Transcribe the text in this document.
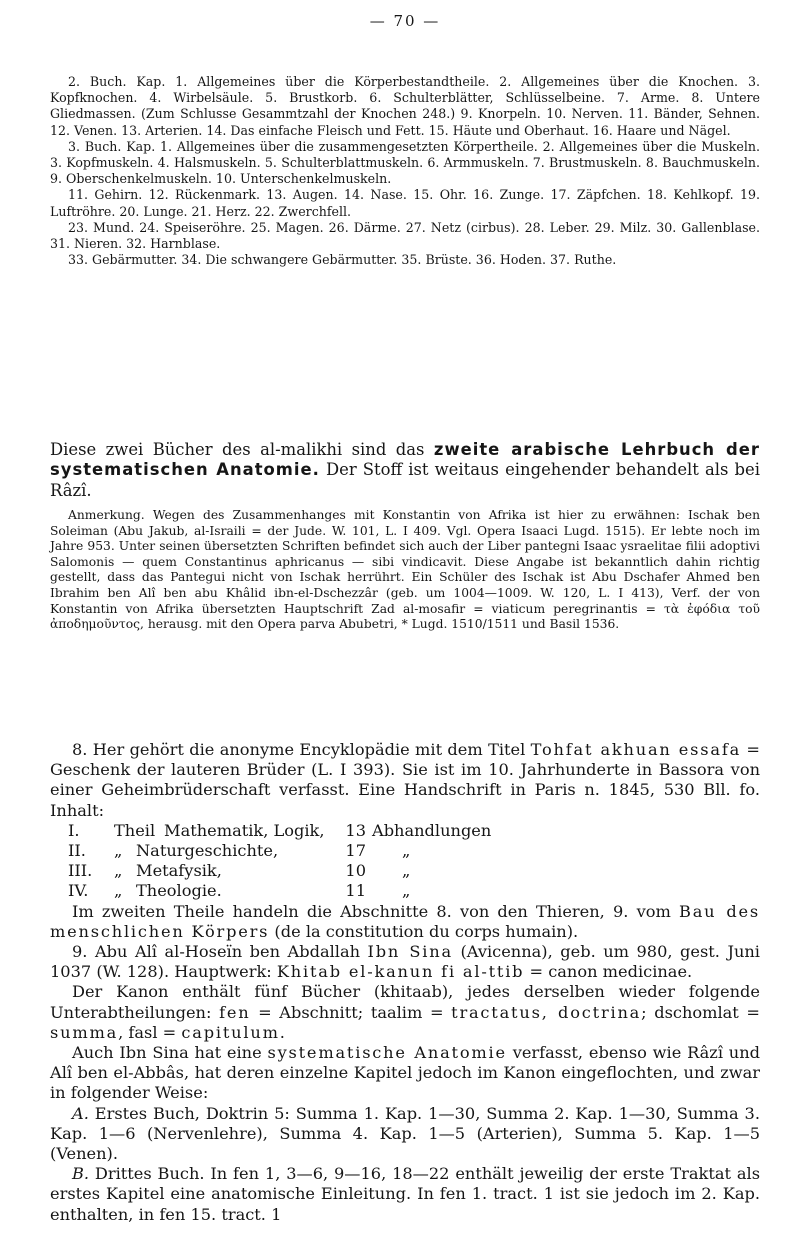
— 70 —

2. Buch. Kap. 1. Allgemeines über die Körperbestandtheile. 2. Allgemeines über die Knochen. 3. Kopfknochen. 4. Wirbelsäule. 5. Brustkorb. 6. Schulterblätter, Schlüsselbeine. 7. Arme. 8. Untere Gliedmassen. (Zum Schlusse Gesammtzahl der Knochen 248.) 9. Knorpeln. 10. Nerven. 11. Bänder, Sehnen. 12. Venen. 13. Arterien. 14. Das einfache Fleisch und Fett. 15. Häute und Oberhaut. 16. Haare und Nägel.

3. Buch. Kap. 1. Allgemeines über die zusammengesetzten Körpertheile. 2. Allgemeines über die Muskeln. 3. Kopfmuskeln. 4. Halsmuskeln. 5. Schulterblattmuskeln. 6. Armmuskeln. 7. Brustmuskeln. 8. Bauchmuskeln. 9. Oberschenkelmuskeln. 10. Unterschenkelmuskeln.

11. Gehirn. 12. Rückenmark. 13. Augen. 14. Nase. 15. Ohr. 16. Zunge. 17. Zäpfchen. 18. Kehlkopf. 19. Luftröhre. 20. Lunge. 21. Herz. 22. Zwerchfell.

23. Mund. 24. Speiseröhre. 25. Magen. 26. Därme. 27. Netz (cirbus). 28. Leber. 29. Milz. 30. Gallenblase. 31. Nieren. 32. Harnblase.

33. Gebärmutter. 34. Die schwangere Gebärmutter. 35. Brüste. 36. Hoden. 37. Ruthe.

Diese zwei Bücher des al-malikhi sind das zweite arabische Lehrbuch der systematischen Anatomie. Der Stoff ist weitaus eingehender behandelt als bei Râzî.

Anmerkung. Wegen des Zusammenhanges mit Konstantin von Afrika ist hier zu erwähnen: Ischak ben Soleiman (Abu Jakub, al-Israili = der Jude. W. 101, L. I 409. Vgl. Opera Isaaci Lugd. 1515). Er lebte noch im Jahre 953. Unter seinen übersetzten Schriften befindet sich auch der Liber pantegni Isaac ysraelitae filii adoptivi Salomonis — quem Constantinus aphricanus — sibi vindicavit. Diese Angabe ist bekanntlich dahin richtig gestellt, dass das Pantegui nicht von Ischak herrührt. Ein Schüler des Ischak ist Abu Dschafer Ahmed ben Ibrahim ben Alî ben abu Khâlid ibn-el-Dschezzâr (geb. um 1004—1009. W. 120, L. I 413), Verf. der von Konstantin von Afrika übersetzten Hauptschrift Zad al-mosafir = viaticum peregrinantis = τὰ ἐφόδια τοῦ ἀποδημοῦντος, herausg. mit den Opera parva Abubetri, * Lugd. 1510/1511 und Basil 1536.

8. Her gehört die anonyme Encyklopädie mit dem Titel Tohfat akhuan essafa = Geschenk der lauteren Brüder (L. I 393). Sie ist im 10. Jahrhunderte in Bassora von einer Geheimbrüderschaft verfasst. Eine Handschrift in Paris n. 1845, 530 Bll. fo. Inhalt:

I.	Theil Mathematik, Logik,	13 Abhandlungen
II.	„ Naturgeschichte,	17	„
III.	„ Metafysik,	10	„
IV.	„ Theologie.	11	„

Im zweiten Theile handeln die Abschnitte 8. von den Thieren, 9. vom Bau des menschlichen Körpers (de la constitution du corps humain).

9. Abu Alî al-Hoseïn ben Abdallah Ibn Sina (Avicenna), geb. um 980, gest. Juni 1037 (W. 128). Hauptwerk: Khitab el-kanun fi al-ttib = canon medicinae.

Der Kanon enthält fünf Bücher (khitaab), jedes derselben wieder folgende Unterabtheilungen: fen = Abschnitt; taalim = tractatus, doctrina; dschomlat = summa, fasl = capitulum.

Auch Ibn Sina hat eine systematische Anatomie verfasst, ebenso wie Râzî und Alî ben el-Abbâs, hat deren einzelne Kapitel jedoch im Kanon eingeflochten, und zwar in folgender Weise:

A. Erstes Buch, Doktrin 5: Summa 1. Kap. 1—30, Summa 2. Kap. 1—30, Summa 3. Kap. 1—6 (Nervenlehre), Summa 4. Kap. 1—5 (Arterien), Summa 5. Kap. 1—5 (Venen).

B. Drittes Buch. In fen 1, 3—6, 9—16, 18—22 enthält jeweilig der erste Traktat als erstes Kapitel eine anatomische Einleitung. In fen 1. tract. 1 ist sie jedoch im 2. Kap. enthalten, in fen 15. tract. 1
